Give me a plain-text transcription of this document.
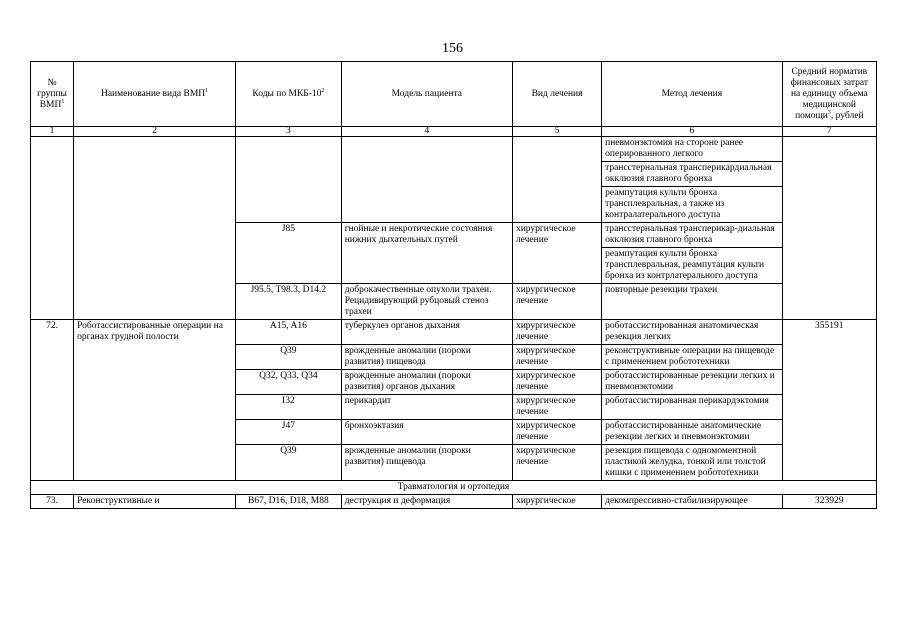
156
№
группы
ВМП$^1$	Наименование вида ВМП$^1$	Коды по МКБ-$10^2$	Модель пациента	Вид лечения	Метод лечения	Средний норматив финансовых затрат на единицу объема медицинской помощи$^3$, рублей
1	2	3	4	5	6	7
					пневмонэктомия на стороне ранее оперированного легкого	
					трансстернальная трансперикардиальная окклюзия главного бронха	
					реампутация культи бронха трансплевральная, а также из контралатерального доступа	
		J85	гнойные и некротические состояния нижних дыхательных путей	хирургическое лечение	трансстернальная трансперикар-диальная окклюзия главного бронха	
					реампутация культи бронха трансплевральная, реампутация культи бронха из контрлатерального доступа	
		J95.5, T98.3, D14.2	доброкачественные опухоли трахеи. Рецидивирующий рубцовый стеноз трахеи	хирургическое лечение	повторные резекции трахеи	
72.	Роботассистированные операции на органах грудной полости	A15, A16	туберкулез органов дыхания	хирургическое лечение	роботассистированная анатомическая резекция легких	355191
		Q39	врожденные аномалии (пороки развития) пищевода	хирургическое лечение	реконструктивные операции на пищеводе с применением робототехники	
		Q32, Q33, Q34	врожденные аномалии (пороки развития) органов дыхания	хирургическое лечение	роботассистированные резекции легких и пневмонэктомии	
		I32	перикардит	хирургическое лечение	роботассистированная перикардэктомия	
		J47	бронхоэктазия	хирургическое лечение	роботассистированные анатомические резекции легких и пневмонэктомии	
		Q39	врожденные аномалии (пороки развития) пищевода	хирургическое лечение	резекция пищевода с одномоментной пластикой желудка, тонкой или толстой кишки с применением робототехники	
Травматология и ортопедия						
73.	Реконструктивные и	B67, D16, D18, M88	деструкция и деформация	хирургическое	декомпрессивно-стабилизирующее	323929
